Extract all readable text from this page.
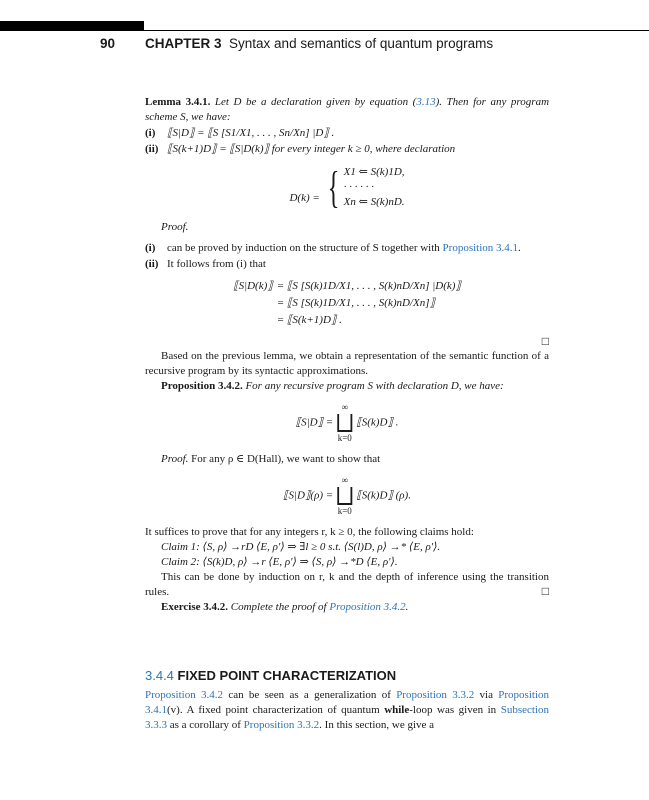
90 CHAPTER 3 Syntax and semantics of quantum programs

Lemma 3.4.1. Let D be a declaration given by equation (3.13). Then for any program scheme S, we have:

(i)	⟦S|D⟧ = ⟦S [S1/X1, . . . , Sn/Xn] |D⟧ .
(ii) ⟦S(k+1)D⟧ = ⟦S|D(k)⟧ for every integer k ≥ 0, where declaration
D(k) = { X1 ⇐ S(k)1D,
· · · · · ·
Xn ⇐ S(k)nD.

Proof.

(i)	can be proved by induction on the structure of S together with Proposition 3.4.1.
(ii) It follows from (i) that
⟦S|D(k)⟧	= ⟦S [S(k)1D/X1, . . . , S(k)nD/Xn] |D(k)⟧
	= ⟦S [S(k)1D/X1, . . . , S(k)nD/Xn]⟧
	= ⟦S(k+1)D⟧ .
□

Based on the previous lemma, we obtain a representation of the semantic function of a recursive program by its syntactic approximations.

Proposition 3.4.2. For any recursive program S with declaration D, we have:

⟦S|D⟧ =
∞
⨆
k=0
⟦S(k)D⟧ .

Proof. For any ρ ∈ D(Hall), we want to show that

⟦S|D⟧(ρ) =
∞
⨆
k=0
⟦S(k)D⟧ (ρ).

It suffices to prove that for any integers r, k ≥ 0, the following claims hold:

Claim 1: ⟨S, ρ⟩ →rD ⟨E, ρ′⟩ ⇒ ∃l ≥ 0 s.t. ⟨S(l)D, ρ⟩ →* ⟨E, ρ′⟩.

Claim 2: ⟨S(k)D, ρ⟩ →r ⟨E, ρ′⟩ ⇒ ⟨S, ρ⟩ →*D ⟨E, ρ′⟩.

This can be done by induction on r, k and the depth of inference using the transition rules.	□

Exercise 3.4.2. Complete the proof of Proposition 3.4.2.

3.4.4 FIXED POINT CHARACTERIZATION

Proposition 3.4.2 can be seen as a generalization of Proposition 3.3.2 via Proposition 3.4.1(v). A fixed point characterization of quantum while-loop was given in Subsection 3.3.3 as a corollary of Proposition 3.3.2. In this section, we give a
